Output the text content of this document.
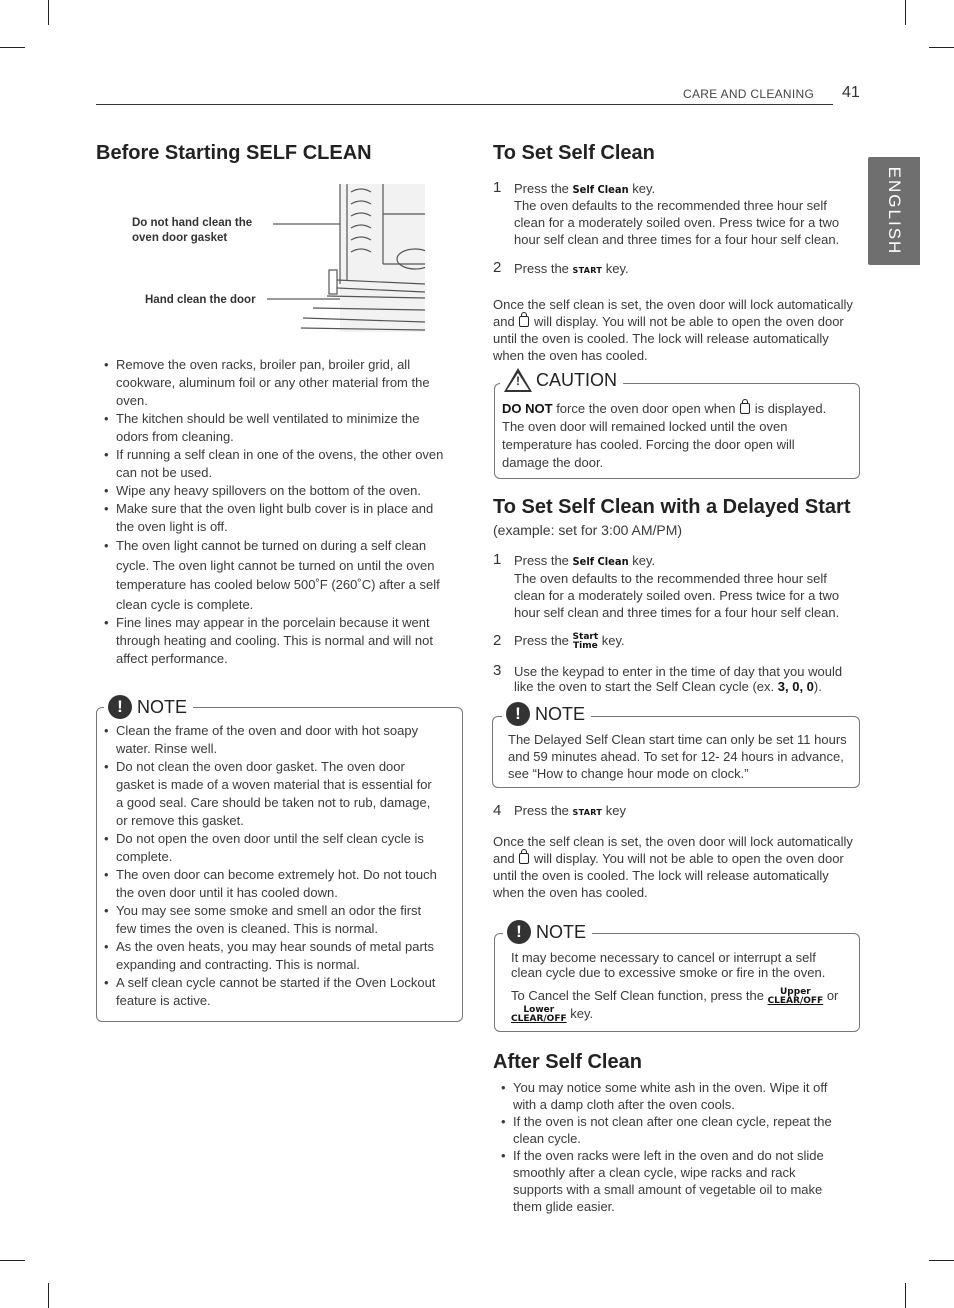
CARE AND CLEANING 41
ENGLISH
Before Starting SELF CLEAN
Do not hand clean the oven door gasket
Hand clean the door
• Remove the oven racks, broiler pan, broiler grid, all cookware, aluminum foil or any other material from the oven.
• The kitchen should be well ventilated to minimize the odors from cleaning.
• If running a self clean in one of the ovens, the other oven can not be used.
• Wipe any heavy spillovers on the bottom of the oven.
• Make sure that the oven light bulb cover is in place and the oven light is off.
• The oven light cannot be turned on during a self clean cycle. The oven light cannot be turned on until the oven temperature has cooled below 500˚F (260˚C) after a self clean cycle is complete.
• Fine lines may appear in the porcelain because it went through heating and cooling. This is normal and will not affect performance.
! NOTE
• Clean the frame of the oven and door with hot soapy water. Rinse well.
• Do not clean the oven door gasket. The oven door gasket is made of a woven material that is essential for a good seal. Care should be taken not to rub, damage, or remove this gasket.
• Do not open the oven door until the self clean cycle is complete.
• The oven door can become extremely hot. Do not touch the oven door until it has cooled down.
• You may see some smoke and smell an odor the first few times the oven is cleaned. This is normal.
• As the oven heats, you may hear sounds of metal parts expanding and contracting. This is normal.
• A self clean cycle cannot be started if the Oven Lockout feature is active.
To Set Self Clean
1 Press the Self Clean key.
The oven defaults to the recommended three hour self clean for a moderately soiled oven. Press twice for a two hour self clean and three times for a four hour self clean.
2 Press the START key.
Once the self clean is set, the oven door will lock automatically and will display. You will not be able to open the oven door until the oven is cooled. The lock will release automatically when the oven has cooled.
! CAUTION
DO NOT force the oven door open when is displayed. The oven door will remained locked until the oven temperature has cooled. Forcing the door open will damage the door.
To Set Self Clean with a Delayed Start
(example: set for 3:00 AM/PM)
1 Press the Self Clean key.
The oven defaults to the recommended three hour self clean for a moderately soiled oven. Press twice for a two hour self clean and three times for a four hour self clean.
2 Press the Start
Time key.
3 Use the keypad to enter in the time of day that you would like the oven to start the Self Clean cycle (ex. 3, 0, 0).
! NOTE
The Delayed Self Clean start time can only be set 11 hours and 59 minutes ahead. To set for 12- 24 hours in advance, see “How to change hour mode on clock.”
4 Press the START key
Once the self clean is set, the oven door will lock automatically and will display. You will not be able to open the oven door until the oven is cooled. The lock will release automatically when the oven has cooled.
! NOTE
It may become necessary to cancel or interrupt a self clean cycle due to excessive smoke or fire in the oven.
To Cancel the Self Clean function, press the Upper
CLEAR/OFF or
Lower
CLEAR/OFF key.
After Self Clean
• You may notice some white ash in the oven. Wipe it off with a damp cloth after the oven cools.
• If the oven is not clean after one clean cycle, repeat the clean cycle.
• If the oven racks were left in the oven and do not slide smoothly after a clean cycle, wipe racks and rack supports with a small amount of vegetable oil to make them glide easier.
